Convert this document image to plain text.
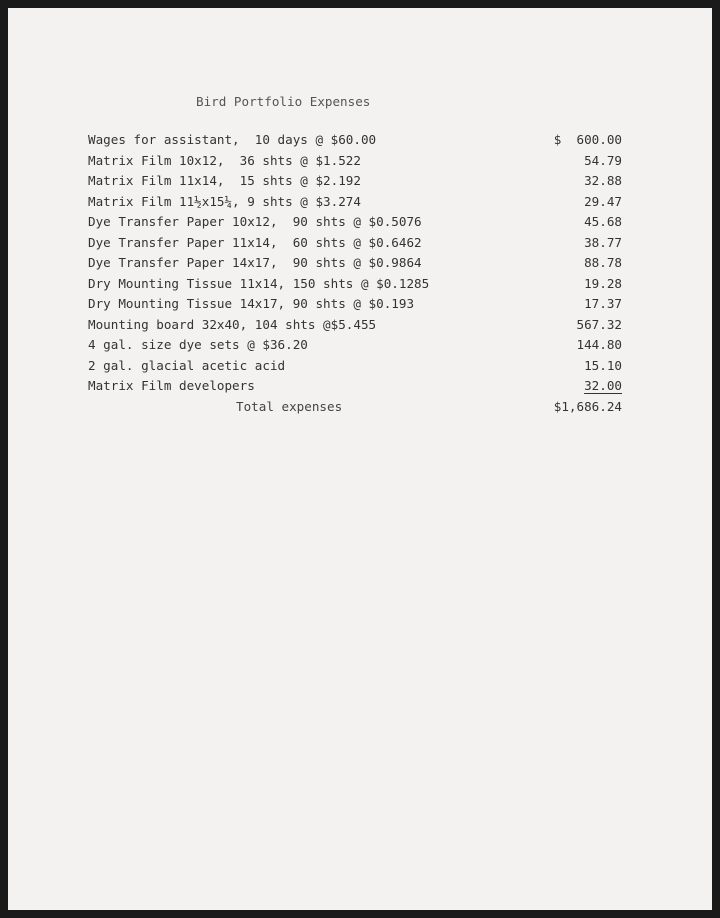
Bird Portfolio Expenses
Wages for assistant,  10 days @ $60.00	$  600.00
Matrix Film 10x12,  36 shts @ $1.522	54.79
Matrix Film 11x14,  15 shts @ $2.192	32.88
Matrix Film 11½x15¼, 9 shts @ $3.274	29.47
Dye Transfer Paper 10x12,  90 shts @ $0.5076	45.68
Dye Transfer Paper 11x14,  60 shts @ $0.6462	38.77
Dye Transfer Paper 14x17,  90 shts @ $0.9864	88.78
Dry Mounting Tissue 11x14, 150 shts @ $0.1285	19.28
Dry Mounting Tissue 14x17, 90 shts @ $0.193	17.37
Mounting board 32x40, 104 shts @$5.455	567.32
4 gal. size dye sets @ $36.20	144.80
2 gal. glacial acetic acid	15.10
Matrix Film developers	32.00
Total expenses	$1,686.24
